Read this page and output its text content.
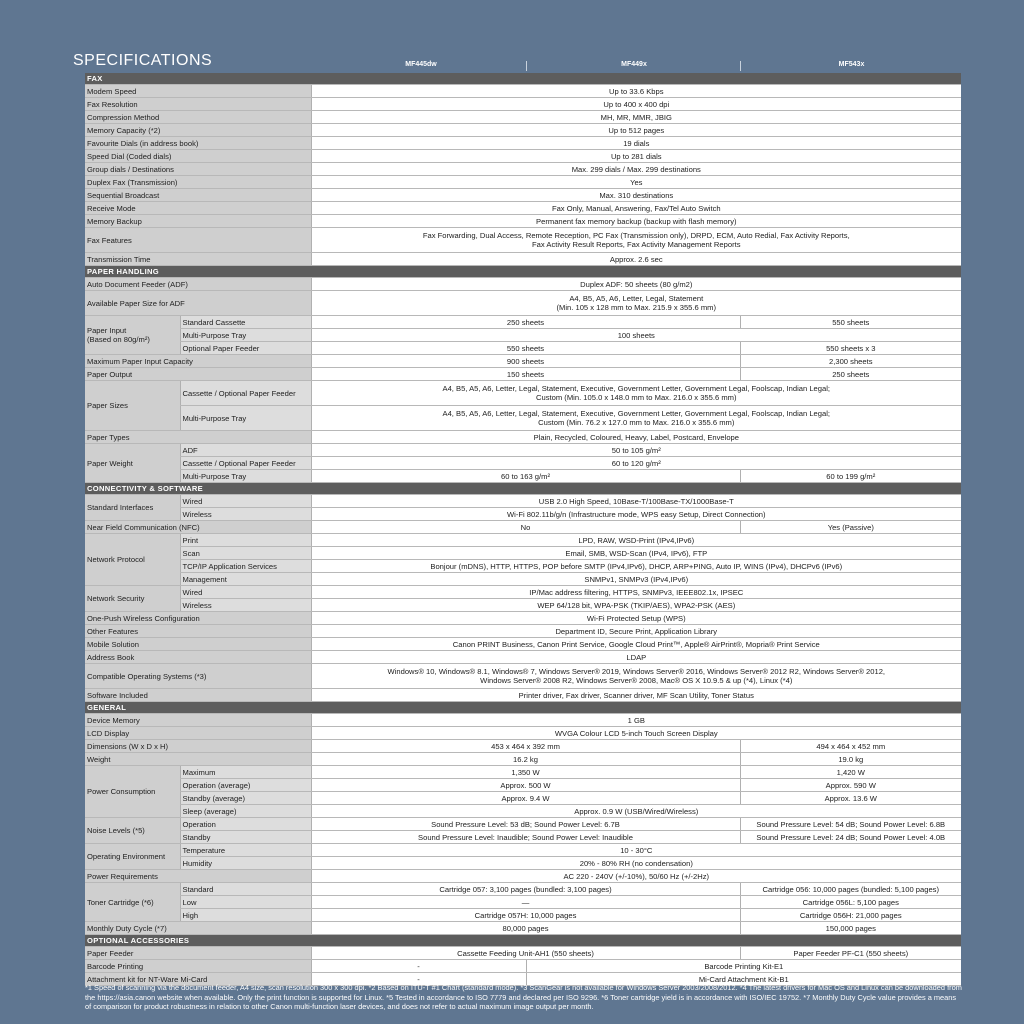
SPECIFICATIONS	MF445dw	MF449x	MF543x
FAX				
Modem Speed		Up to 33.6 Kbps		
Fax Resolution		Up to 400 x 400 dpi		
Compression Method		MH, MR, MMR, JBIG		
Memory Capacity (*2)		Up to 512 pages		
Favourite Dials (in address book)		19 dials		
Speed Dial (Coded dials)		Up to 281 dials		
Group dials / Destinations		Max. 299 dials / Max. 299 destinations		
Duplex Fax (Transmission)		Yes		
Sequential Broadcast		Max. 310 destinations		
Receive Mode		Fax Only, Manual, Answering, Fax/Tel Auto Switch		
Memory Backup		Permanent fax memory backup (backup with flash memory)		
Fax Features		Fax Forwarding, Dual Access, Remote Reception, PC Fax (Transmission only), DRPD, ECM, Auto Redial, Fax Activity Reports,
Fax Activity Result Reports, Fax Activity Management Reports		
Transmission Time		Approx. 2.6 sec		
PAPER HANDLING				
Auto Document Feeder (ADF)		Duplex ADF: 50 sheets (80 g/m2)		
Available Paper Size for ADF		A4, B5, A5, A6, Letter, Legal, Statement
(Min. 105 x 128 mm to Max. 215.9 x 355.6 mm)		
Paper Input
(Based on 80g/m²)	Standard Cassette	250 sheets		550 sheets
	Multi-Purpose Tray	100 sheets		
	Optional Paper Feeder	550 sheets		550 sheets x 3
Maximum Paper Input Capacity		900 sheets		2,300 sheets
Paper Output		150 sheets		250 sheets
Paper Sizes	Cassette / Optional Paper Feeder	A4, B5, A5, A6, Letter, Legal, Statement, Executive, Government Letter, Government Legal, Foolscap, Indian Legal;
Custom (Min. 105.0 x 148.0 mm to Max. 216.0 x 355.6 mm)		
	Multi-Purpose Tray	A4, B5, A5, A6, Letter, Legal, Statement, Executive, Government Letter, Government Legal, Foolscap, Indian Legal;
Custom (Min. 76.2 x 127.0 mm to Max. 216.0 x 355.6 mm)		
Paper Types		Plain, Recycled, Coloured, Heavy, Label, Postcard, Envelope		
Paper Weight	ADF	50 to 105 g/m²		
	Cassette / Optional Paper Feeder	60 to 120 g/m²		
	Multi-Purpose Tray	60 to 163 g/m²		60 to 199 g/m²
CONNECTIVITY & SOFTWARE				
Standard Interfaces	Wired	USB 2.0 High Speed, 10Base-T/100Base-TX/1000Base-T		
	Wireless	Wi-Fi 802.11b/g/n (Infrastructure mode, WPS easy Setup, Direct Connection)		
Near Field Communication (NFC)		No		Yes (Passive)
Network Protocol	Print	LPD, RAW, WSD-Print (IPv4,IPv6)		
	Scan	Email, SMB, WSD-Scan (IPv4, IPv6), FTP		
	TCP/IP Application Services	Bonjour (mDNS), HTTP, HTTPS, POP before SMTP (IPv4,IPv6), DHCP, ARP+PING, Auto IP, WINS (IPv4), DHCPv6 (IPv6)		
	Management	SNMPv1, SNMPv3 (IPv4,IPv6)		
Network Security	Wired	IP/Mac address filtering, HTTPS, SNMPv3, IEEE802.1x, IPSEC		
	Wireless	WEP 64/128 bit, WPA-PSK (TKIP/AES), WPA2-PSK (AES)		
One-Push Wireless Configuration		Wi-Fi Protected Setup (WPS)		
Other Features		Department ID, Secure Print, Application Library		
Mobile Solution		Canon PRINT Business, Canon Print Service, Google Cloud Print™, Apple® AirPrint®, Mopria® Print Service		
Address Book		LDAP		
Compatible Operating Systems (*3)		Windows® 10, Windows® 8.1, Windows® 7, Windows Server® 2019, Windows Server® 2016, Windows Server® 2012 R2, Windows Server® 2012,
Windows Server® 2008 R2, Windows Server® 2008, Mac® OS X 10.9.5 & up (*4), Linux (*4)		
Software Included		Printer driver, Fax driver, Scanner driver, MF Scan Utility, Toner Status		
GENERAL				
Device Memory		1 GB		
LCD Display		WVGA Colour LCD 5-inch Touch Screen Display		
Dimensions (W x D x H)		453 x 464 x 392 mm		494 x 464 x 452 mm
Weight		16.2 kg		19.0 kg
Power Consumption	Maximum	1,350 W		1,420 W
	Operation (average)	Approx. 500 W		Approx. 590 W
	Standby (average)	Approx. 9.4 W		Approx. 13.6 W
	Sleep (average)	Approx. 0.9 W (USB/Wired/Wireless)		
Noise Levels (*5)	Operation	Sound Pressure Level: 53 dB; Sound Power Level: 6.7B		Sound Pressure Level: 54 dB; Sound Power Level: 6.8B
	Standby	Sound Pressure Level: Inaudible; Sound Power Level: Inaudible		Sound Pressure Level: 24 dB; Sound Power Level: 4.0B
Operating Environment	Temperature	10 - 30°C		
	Humidity	20% - 80% RH (no condensation)		
Power Requirements		AC 220 - 240V (+/-10%), 50/60 Hz (+/-2Hz)		
Toner Cartridge (*6)	Standard	Cartridge 057: 3,100 pages (bundled: 3,100 pages)		Cartridge 056: 10,000 pages (bundled: 5,100 pages)
	Low	—		Cartridge 056L: 5,100 pages
	High	Cartridge 057H: 10,000 pages		Cartridge 056H: 21,000 pages
Monthly Duty Cycle (*7)		80,000 pages		150,000 pages
OPTIONAL ACCESSORIES				
Paper Feeder		Cassette Feeding Unit-AH1 (550 sheets)		Paper Feeder PF-C1 (550 sheets)
Barcode Printing		-	Barcode Printing Kit-E1	
Attachment kit for NT-Ware Mi-Card		-	Mi-Card Attachment Kit-B1	
*1 Speed of scanning via the document feeder, A4 size, scan resolution 300 x 300 dpi. *2 Based on ITU-T #1 Chart (standard mode). *3 ScanGear is not available for Windows Server 2003/2008/2012. *4 The latest drivers for Mac OS and Linux can be downloaded from the https://asia.canon website when available. Only the print function is supported for Linux. *5 Tested in accordance to ISO 7779 and declared per ISO 9296. *6 Toner cartridge yield is in accordance with ISO/IEC 19752. *7 Monthly Duty Cycle value provides a means of comparison for product robustness in relation to other Canon multi-function laser devices, and does not refer to actual maximum image output per month.
